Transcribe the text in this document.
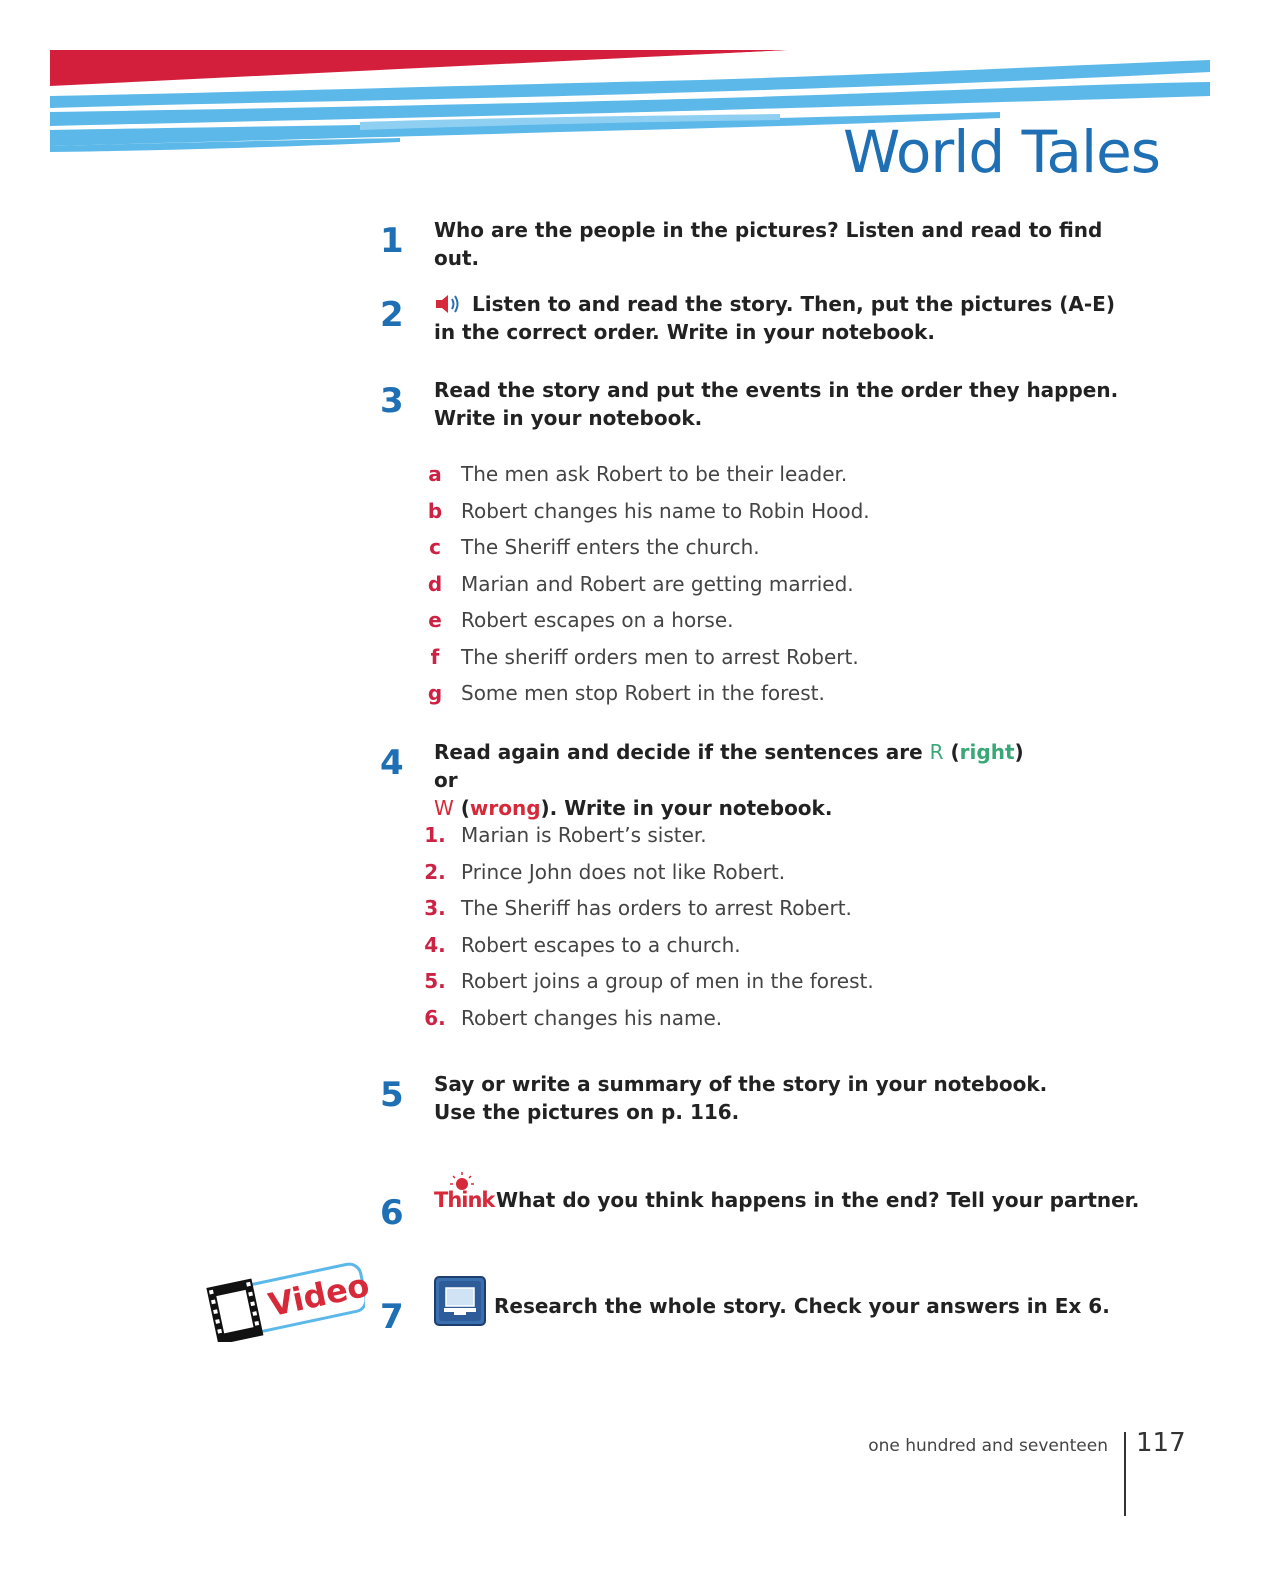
World Tales
1	Who are the people in the pictures? Listen and read to find out.
2	Listen to and read the story. Then, put the pictures (A-E) in the correct order. Write in your notebook.
3	Read the story and put the events in the order they happen. Write in your notebook.
a The men ask Robert to be their leader.
b Robert changes his name to Robin Hood.
c	The Sheriff enters the church.
d Marian and Robert are getting married.
e Robert escapes on a horse.
f	The sheriff orders men to arrest Robert.
g Some men stop Robert in the forest.
4	Read again and decide if the sentences are R (right) or
W (wrong). Write in your notebook.
1. Marian is Robert’s sister.
2. Prince John does not like Robert.
3. The Sheriff has orders to arrest Robert.
4. Robert escapes to a church.
5. Robert joins a group of men in the forest.
6. Robert changes his name.
5	Say or write a summary of the story in your notebook. Use the pictures on p. 116.
6	Think What do you think happens in the end? Tell your partner.
Video 7	Research the whole story. Check your answers in Ex 6.
one hundred and seventeen 117
